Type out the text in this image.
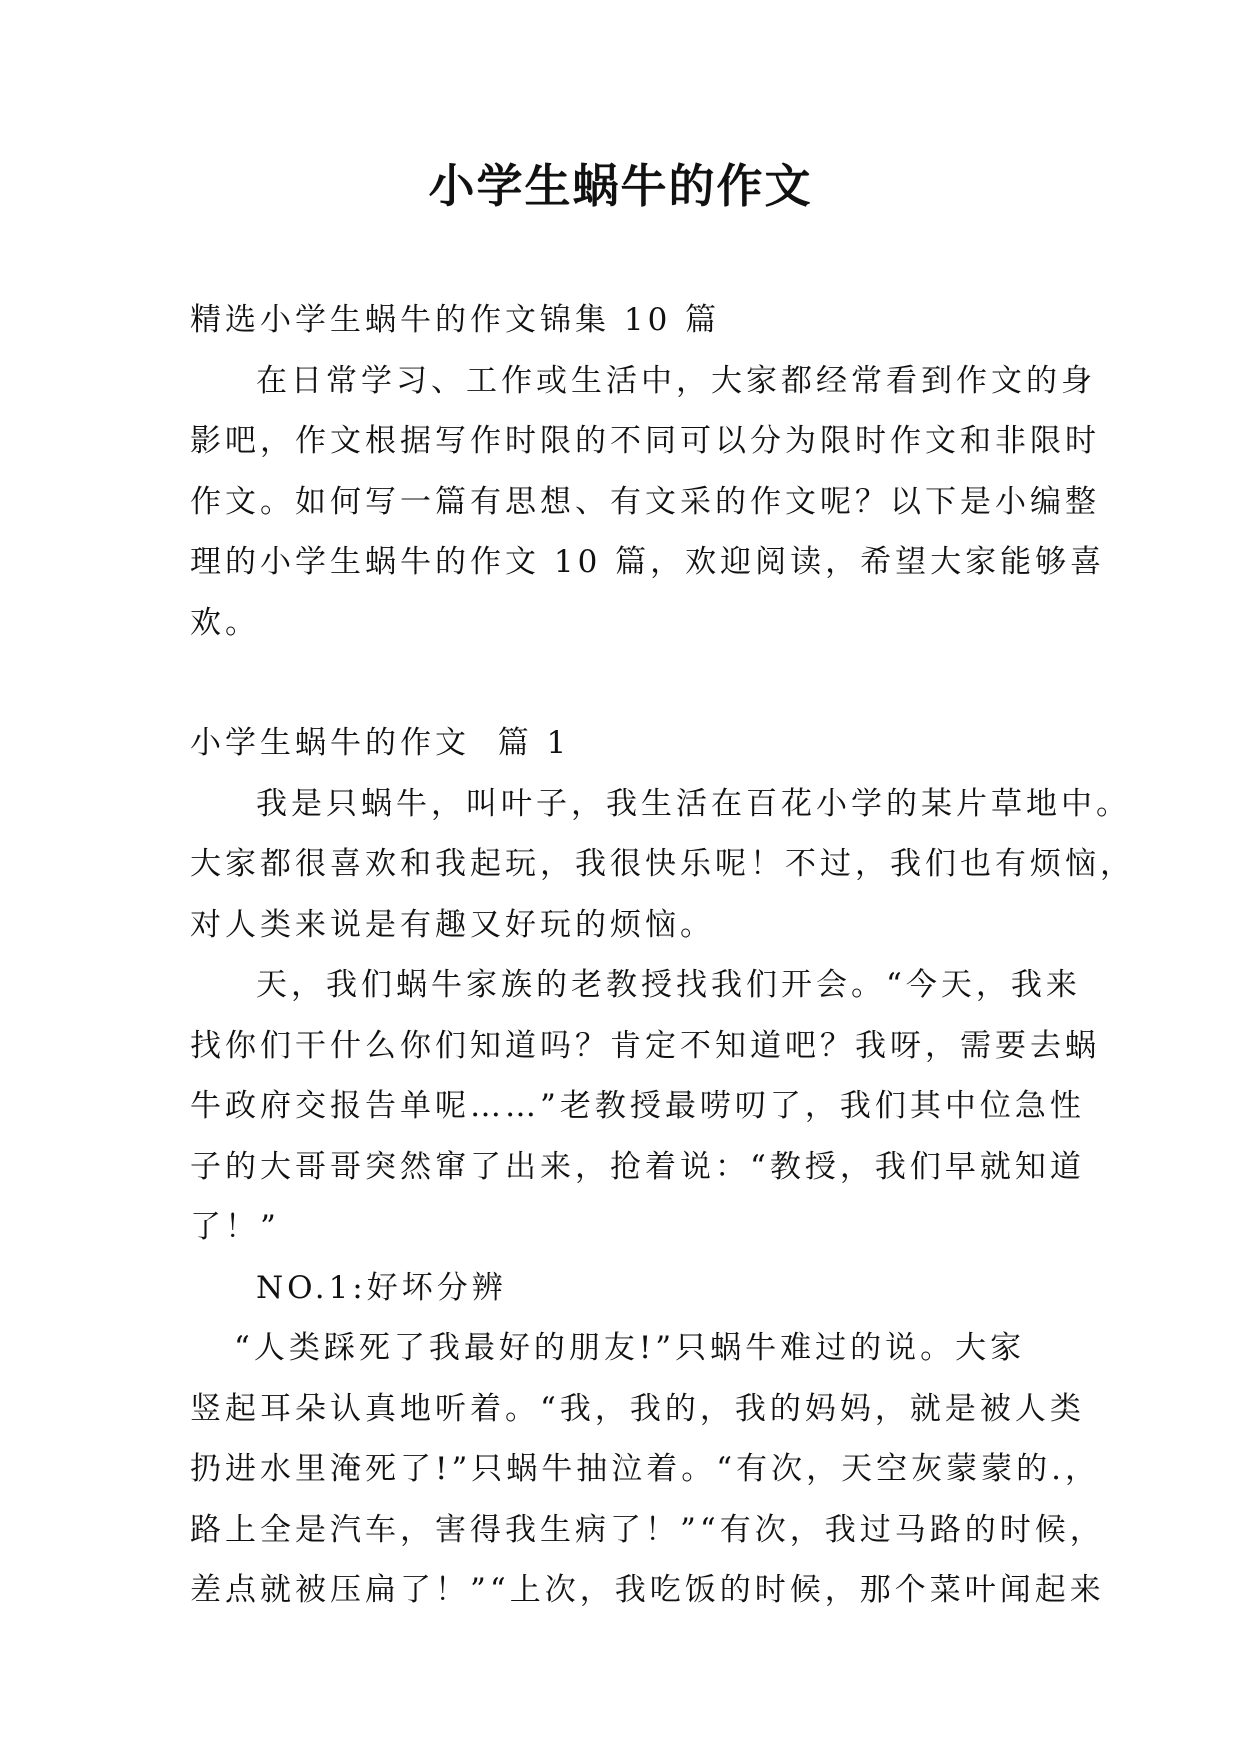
小学生蜗牛的作文
精选小学生蜗牛的作文锦集 10 篇
在日常学习、工作或生活中，大家都经常看到作文的身
影吧，作文根据写作时限的不同可以分为限时作文和非限时
作文。如何写一篇有思想、有文采的作文呢？以下是小编整
理的小学生蜗牛的作文 10 篇，欢迎阅读，希望大家能够喜
欢。
小学生蜗牛的作文  篇 1
我是只蜗牛，叫叶子，我生活在百花小学的某片草地中。
大家都很喜欢和我起玩，我很快乐呢！不过，我们也有烦恼，
对人类来说是有趣又好玩的烦恼。
天，我们蜗牛家族的老教授找我们开会。“今天，我来
找你们干什么你们知道吗？肯定不知道吧？我呀，需要去蜗
牛政府交报告单呢……”老教授最唠叨了，我们其中位急性
子的大哥哥突然窜了出来，抢着说：“教授，我们早就知道
了！”
NO.1:好坏分辨
“人类踩死了我最好的朋友!”只蜗牛难过的说。大家
竖起耳朵认真地听着。“我，我的，我的妈妈，就是被人类
扔进水里淹死了!”只蜗牛抽泣着。“有次，天空灰蒙蒙的.，
路上全是汽车，害得我生病了！”“有次，我过马路的时候，
差点就被压扁了！”“上次，我吃饭的时候，那个菜叶闻起来
